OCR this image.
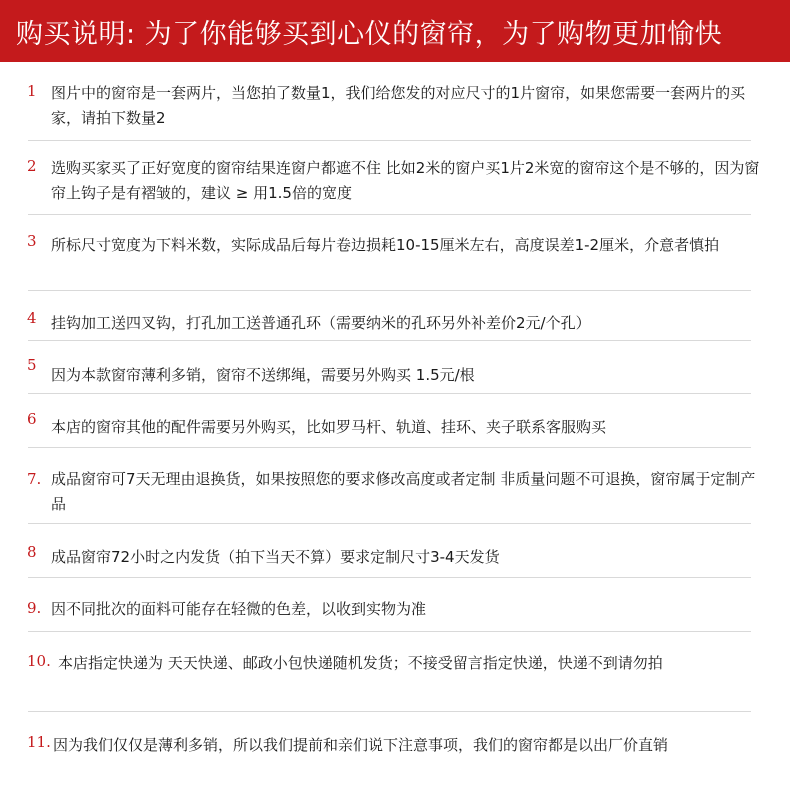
购买说明: 为了你能够买到心仪的窗帘，为了购物更加愉快
1 图片中的窗帘是一套两片，当您拍了数量1，我们给您发的对应尺寸的1片窗帘，如果您需要一套两片的买家，请拍下数量2
2 选购买家买了正好宽度的窗帘结果连窗户都遮不住 比如2米的窗户买1片2米宽的窗帘这个是不够的，因为窗帘上钩子是有褶皱的，建议 ≥ 用1.5倍的宽度
3 所标尺寸宽度为下料米数，实际成品后每片卷边损耗10-15厘米左右，高度误差1-2厘米，介意者慎拍
4 挂钩加工送四叉钩，打孔加工送普通孔环（需要纳米的孔环另外补差价2元/个孔）
5
因为本款窗帘薄利多销，窗帘不送绑绳，需要另外购买 1.5元/根
6 本店的窗帘其他的配件需要另外购买，比如罗马杆、轨道、挂环、夹子联系客服购买
7. 成品窗帘可7天无理由退换货，如果按照您的要求修改高度或者定制 非质量问题不可退换，窗帘属于定制产品
8 成品窗帘72小时之内发货（拍下当天不算）要求定制尺寸3-4天发货
9. 因不同批次的面料可能存在轻微的色差，以收到实物为准
10. 本店指定快递为 天天快递、邮政小包快递随机发货；不接受留言指定快递，快递不到请勿拍
11. 因为我们仅仅是薄利多销，所以我们提前和亲们说下注意事项，我们的窗帘都是以出厂价直销
